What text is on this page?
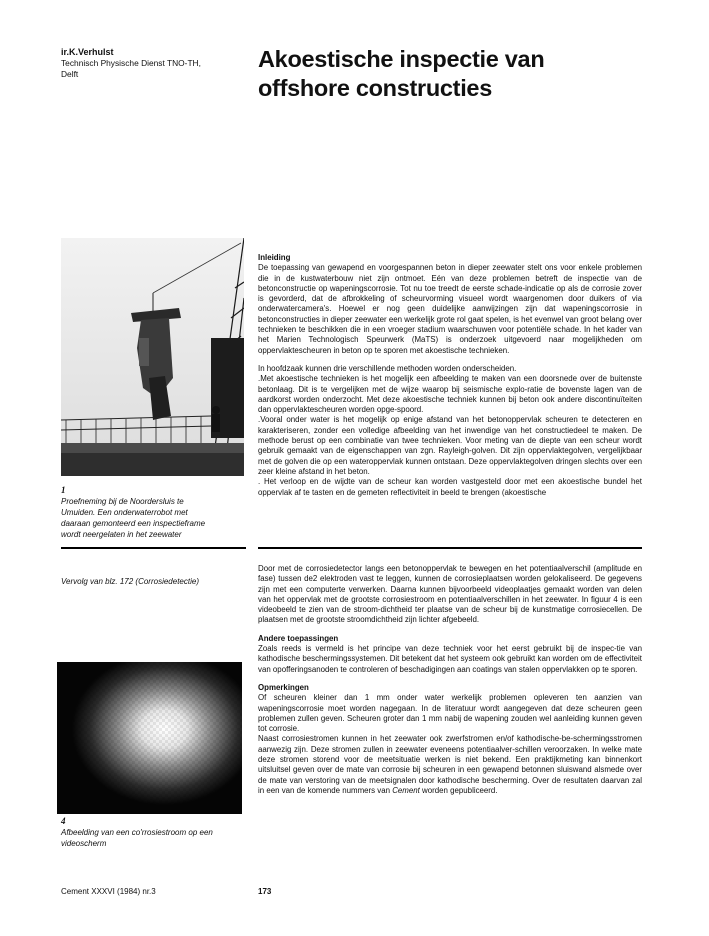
ir.K.Verhulst
Technisch Physische Dienst TNO-TH,
Delft
Akoestische inspectie van
offshore constructies
1
Proefneming bij de Noordersluis te
Umuiden. Een onderwaterrobot met
daaraan gemonteerd een inspectieframe
wordt neergelaten in het zeewater
Vervolg van blz. 172 (Corrosiedetectie)
4
Afbeelding van een co'rrosiestroom op een
videoscherm
Inleiding

De toepassing van gewapend en voorgespannen beton in dieper zeewater stelt ons voor enkele problemen die in de kustwaterbouw niet zijn ontmoet. Eén van deze problemen betreft de inspectie van de betonconstructie op wapeningscorrosie. Tot nu toe treedt de eerste schade-indicatie op als de corrosie zover is gevorderd, dat de afbrokkeling of scheurvorming visueel wordt waargenomen door duikers of via onderwatercamera's. Hoewel er nog geen duidelijke aanwijzingen zijn dat wapeningscorrosie in betonconstructies in dieper zeewater een werkelijk grote rol gaat spelen, is het evenwel van groot belang over technieken te beschikken die in een vroeger stadium waarschuwen voor potentiële schade. In het kader van het Marien Technologisch Speurwerk (MaTS) is onderzoek uitgevoerd naar mogelijkheden om oppervlaktescheuren in beton op te sporen met akoestische technieken.

In hoofdzaak kunnen drie verschillende methoden worden onderscheiden.

.Met akoestische technieken is het mogelijk een afbeelding te maken van een doorsnede over de buitenste betonlaag. Dit is te vergelijken met de wijze waarop bij seismische explo-ratie de bovenste lagen van de aardkorst worden onderzocht. Met deze akoestische techniek kunnen bij beton ook andere discontinuïteiten dan oppervlaktescheuren worden opge-spoord.

.Vooral onder water is het mogelijk op enige afstand van het betonoppervlak scheuren te detecteren en karakteriseren, zonder een volledige afbeelding van het inwendige van het constructiedeel te maken. De methode berust op een combinatie van twee technieken. Voor meting van de diepte van een scheur wordt gebruik gemaakt van de eigenschappen van zgn. Rayleigh-golven. Dit zijn oppervlaktegolven, vergelijkbaar met de golven die op een wateroppervlak kunnen ontstaan. Deze oppervlaktegolven dringen slechts over een zeer kleine afstand in het beton.

. Het verloop en de wijdte van de scheur kan worden vastgesteld door met een akoestische bundel het oppervlak af te tasten en de gemeten reflectiviteit in beeld te brengen (akoestische

Door met de corrosiedetector langs een betonoppervlak te bewegen en het potentiaalverschil (amplitude en fase) tussen de2 elektroden vast te leggen, kunnen de corrosieplaatsen worden gelokaliseerd. De gegevens zijn met een computerte verwerken. Daarna kunnen bijvoorbeeld videoplaatjes gemaakt worden van delen van het oppervlak met de grootste corrosiestroom en potentiaalverschillen in het zeewater. In figuur 4 is een videobeeld te zien van de stroom-dichtheid ter plaatse van de scheur bij de kunstmatige corrosiecellen. De plaatsen met de grootste stroomdichtheid zijn lichter afgebeeld.

Andere toepassingen

Zoals reeds is vermeld is het principe van deze techniek voor het eerst gebruikt bij de inspec-tie van kathodische beschermingssystemen. Dit betekent dat het systeem ook gebruikt kan worden om de effectiviteit van opofferingsanoden te controleren of beschadigingen aan coatings van stalen oppervlakken op te sporen.

Opmerkingen

Of scheuren kleiner dan 1 mm onder water werkelijk problemen opleveren ten aanzien van wapeningscorrosie moet worden nagegaan. In de literatuur wordt aangegeven dat deze scheuren geen problemen zullen geven. Scheuren groter dan 1 mm nabij de wapening zouden wel aanleiding kunnen geven tot corrosie.

Naast corrosiestromen kunnen in het zeewater ook zwerfstromen en/of kathodische-be-schermingsstromen aanwezig zijn. Deze stromen zullen in zeewater eveneens potentiaalver-schillen veroorzaken. In welke mate deze stromen storend voor de meetsituatie werken is niet bekend. Een praktijkmeting kan binnenkort uitsluitsel geven over de mate van corrosie bij scheuren in een gewapend betonnen sluiswand alsmede over de mate van verstoring van de meetsignalen door kathodische bescherming. Over de resultaten daarvan zal in een van de komende nummers van Cement worden gepubliceerd.

Cement XXXVI (1984) nr.3	173
